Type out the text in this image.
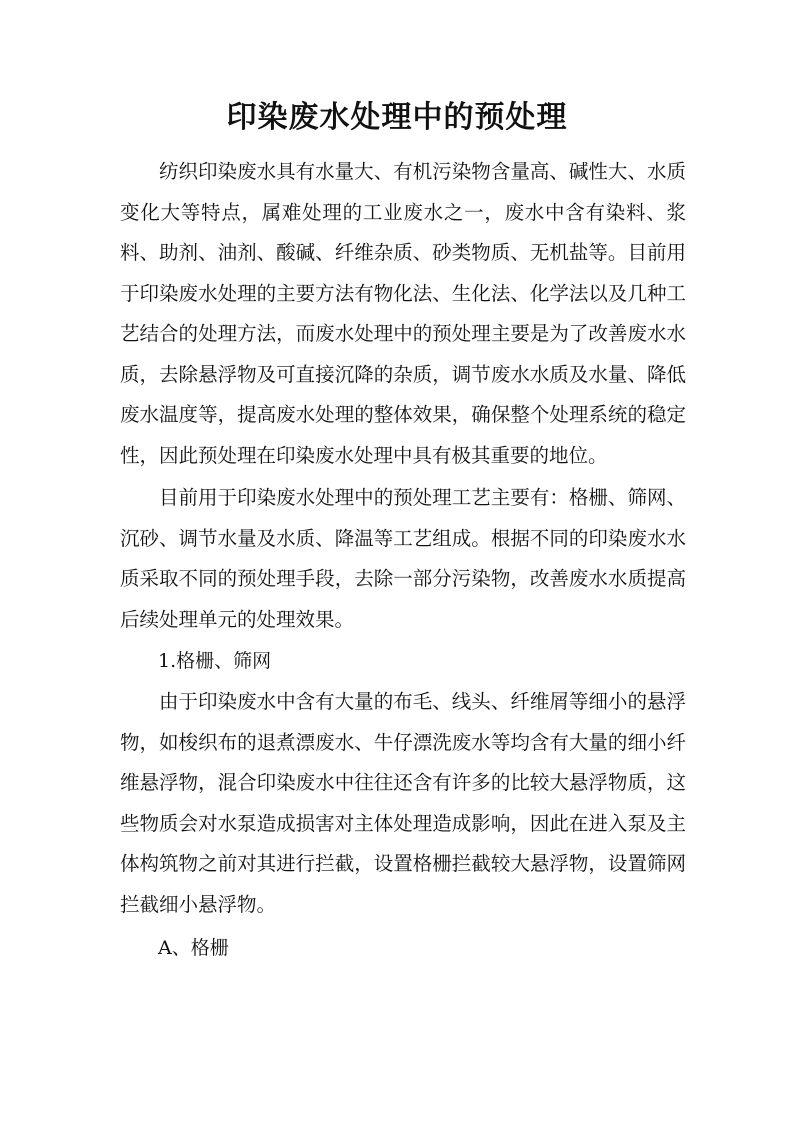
印染废水处理中的预处理

纺织印染废水具有水量大、有机污染物含量高、碱性大、水质变化大等特点，属难处理的工业废水之一，废水中含有染料、浆料、助剂、油剂、酸碱、纤维杂质、砂类物质、无机盐等。目前用于印染废水处理的主要方法有物化法、生化法、化学法以及几种工艺结合的处理方法，而废水处理中的预处理主要是为了改善废水水质，去除悬浮物及可直接沉降的杂质，调节废水水质及水量、降低废水温度等，提高废水处理的整体效果，确保整个处理系统的稳定性，因此预处理在印染废水处理中具有极其重要的地位。

目前用于印染废水处理中的预处理工艺主要有：格栅、筛网、沉砂、调节水量及水质、降温等工艺组成。根据不同的印染废水水质采取不同的预处理手段，去除一部分污染物，改善废水水质提高后续处理单元的处理效果。

1.格栅、筛网

由于印染废水中含有大量的布毛、线头、纤维屑等细小的悬浮物，如梭织布的退煮漂废水、牛仔漂洗废水等均含有大量的细小纤维悬浮物，混合印染废水中往往还含有许多的比较大悬浮物质，这些物质会对水泵造成损害对主体处理造成影响，因此在进入泵及主体构筑物之前对其进行拦截，设置格栅拦截较大悬浮物，设置筛网拦截细小悬浮物。

A、格栅
